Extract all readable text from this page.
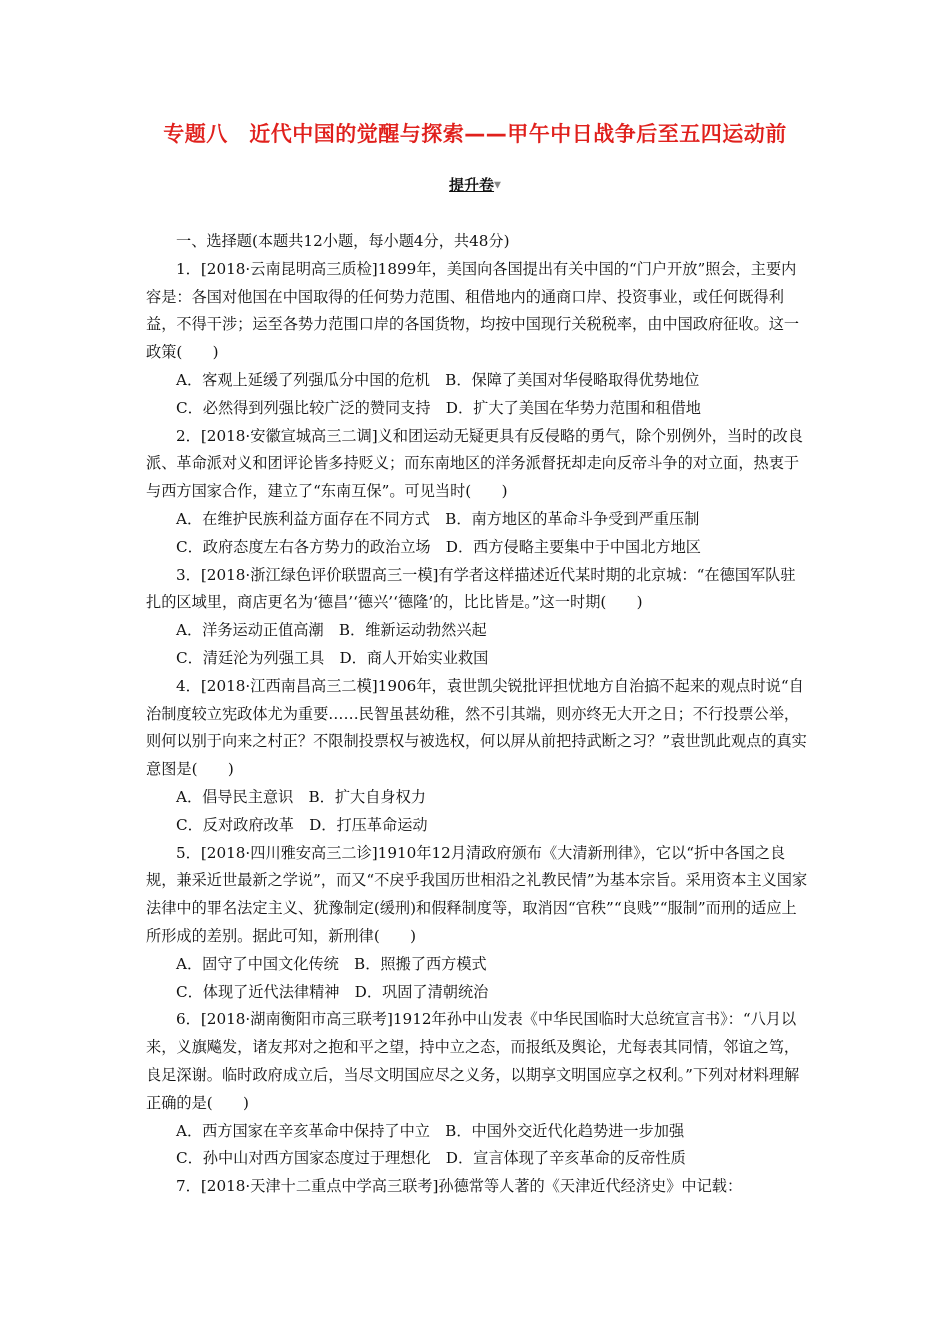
专题八　近代中国的觉醒与探索——甲午中日战争后至五四运动前
提升卷▼

一、选择题(本题共12小题，每小题4分，共48分)

1．[2018·云南昆明高三质检]1899年，美国向各国提出有关中国的“门户开放”照会，主要内容是：各国对他国在中国取得的任何势力范围、租借地内的通商口岸、投资事业，或任何既得利益，不得干涉；运至各势力范围口岸的各国货物，均按中国现行关税税率，由中国政府征收。这一政策(　　)

A．客观上延缓了列强瓜分中国的危机　B．保障了美国对华侵略取得优势地位

C．必然得到列强比较广泛的赞同支持　D．扩大了美国在华势力范围和租借地

2．[2018·安徽宣城高三二调]义和团运动无疑更具有反侵略的勇气，除个别例外，当时的改良派、革命派对义和团评论皆多持贬义；而东南地区的洋务派督抚却走向反帝斗争的对立面，热衷于与西方国家合作，建立了“东南互保”。可见当时(　　)

A．在维护民族利益方面存在不同方式　B．南方地区的革命斗争受到严重压制

C．政府态度左右各方势力的政治立场　D．西方侵略主要集中于中国北方地区

3．[2018·浙江绿色评价联盟高三一模]有学者这样描述近代某时期的北京城：“在德国军队驻扎的区域里，商店更名为‘德昌’‘德兴’‘德隆’的，比比皆是。”这一时期(　　)

A．洋务运动正值高潮　B．维新运动勃然兴起

C．清廷沦为列强工具　D．商人开始实业救国

4．[2018·江西南昌高三二模]1906年，袁世凯尖锐批评担忧地方自治搞不起来的观点时说“自治制度较立宪政体尤为重要……民智虽甚幼稚，然不引其端，则亦终无大开之日；不行投票公举，则何以别于向来之村正？不限制投票权与被选权，何以屏从前把持武断之习？”袁世凯此观点的真实意图是(　　)

A．倡导民主意识　B．扩大自身权力

C．反对政府改革　D．打压革命运动

5．[2018·四川雅安高三二诊]1910年12月清政府颁布《大清新刑律》，它以“折中各国之良规，兼采近世最新之学说”，而又“不戾乎我国历世相沿之礼教民情”为基本宗旨。采用资本主义国家法律中的罪名法定主义、犹豫制定(缓刑)和假释制度等，取消因“官秩”“良贱”“服制”而刑的适应上所形成的差别。据此可知，新刑律(　　)

A．固守了中国文化传统　B．照搬了西方模式

C．体现了近代法律精神　D．巩固了清朝统治

6．[2018·湖南衡阳市高三联考]1912年孙中山发表《中华民国临时大总统宣言书》：“八月以来，义旗飚发，诸友邦对之抱和平之望，持中立之态，而报纸及舆论，尤每表其同情，邻谊之笃，良足深谢。临时政府成立后，当尽文明国应尽之义务，以期享文明国应享之权利。”下列对材料理解正确的是(　　)

A．西方国家在辛亥革命中保持了中立　B．中国外交近代化趋势进一步加强

C．孙中山对西方国家态度过于理想化　D．宣言体现了辛亥革命的反帝性质

7．[2018·天津十二重点中学高三联考]孙德常等人著的《天津近代经济史》中记载：
